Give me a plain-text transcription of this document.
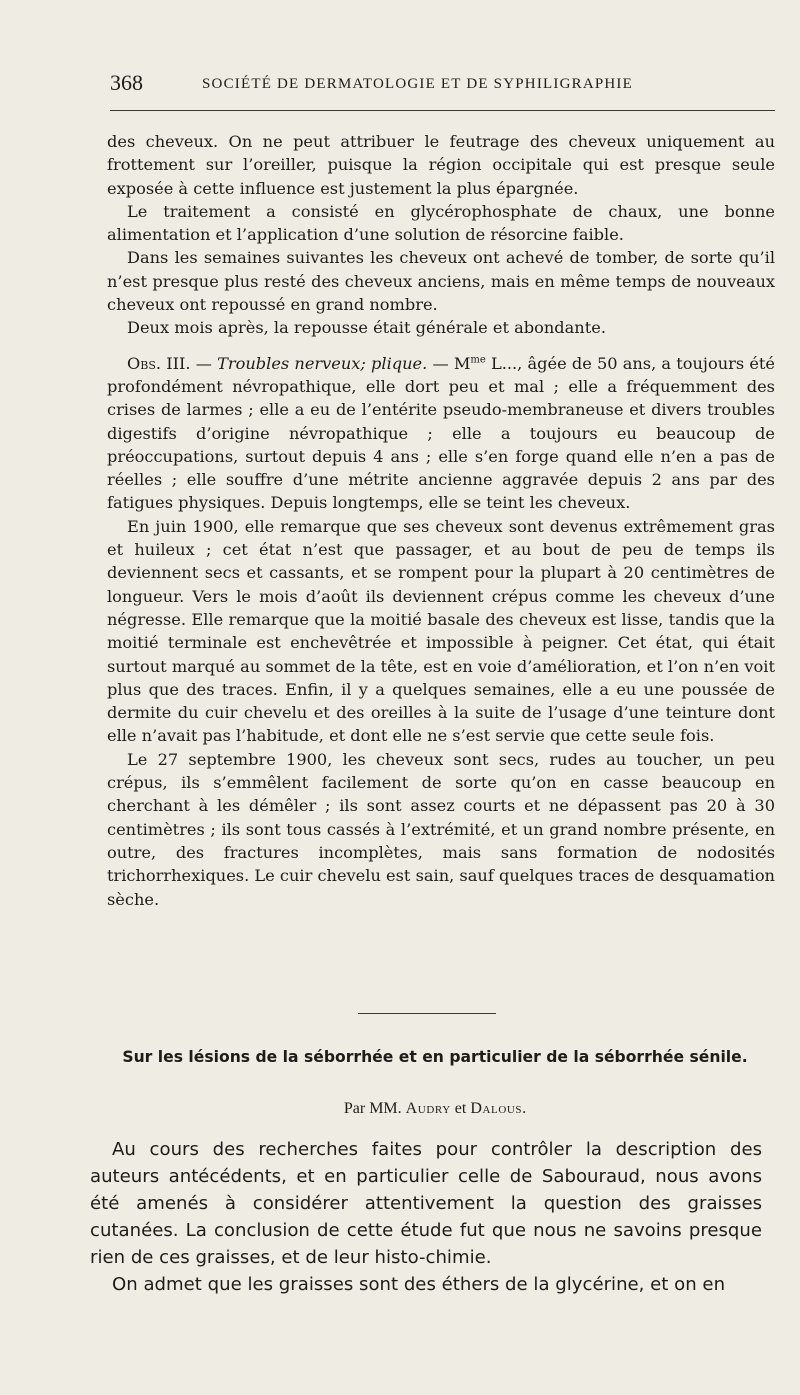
368	SOCIÉTÉ DE DERMATOLOGIE ET DE SYPHILIGRAPHIE

des cheveux. On ne peut attribuer le feutrage des cheveux uniquement au frottement sur l’oreiller, puisque la région occipitale qui est presque seule exposée à cette influence est justement la plus épargnée.

Le traitement a consisté en glycérophosphate de chaux, une bonne alimentation et l’application d’une solution de résorcine faible.

Dans les semaines suivantes les cheveux ont achevé de tomber, de sorte qu’il n’est presque plus resté des cheveux anciens, mais en même temps de nouveaux cheveux ont repoussé en grand nombre.

Deux mois après, la repousse était générale et abondante.

Obs. III. — Troubles nerveux; plique. — $M^{me}$ L..., âgée de 50 ans, a toujours été profondément névropathique, elle dort peu et mal ; elle a fréquemment des crises de larmes ; elle a eu de l’entérite pseudo-membraneuse et divers troubles digestifs d’origine névropathique ; elle a toujours eu beaucoup de préoccupations, surtout depuis 4 ans ; elle s’en forge quand elle n’en a pas de réelles ; elle souffre d’une métrite ancienne aggravée depuis 2 ans par des fatigues physiques. Depuis longtemps, elle se teint les cheveux.

En juin 1900, elle remarque que ses cheveux sont devenus extrêmement gras et huileux ; cet état n’est que passager, et au bout de peu de temps ils deviennent secs et cassants, et se rompent pour la plupart à 20 centimètres de longueur. Vers le mois d’août ils deviennent crépus comme les cheveux d’une négresse. Elle remarque que la moitié basale des cheveux est lisse, tandis que la moitié terminale est enchevêtrée et impossible à peigner. Cet état, qui était surtout marqué au sommet de la tête, est en voie d’amélioration, et l’on n’en voit plus que des traces. Enfin, il y a quelques semaines, elle a eu une poussée de dermite du cuir chevelu et des oreilles à la suite de l’usage d’une teinture dont elle n’avait pas l’habitude, et dont elle ne s’est servie que cette seule fois.

Le 27 septembre 1900, les cheveux sont secs, rudes au toucher, un peu crépus, ils s’emmêlent facilement de sorte qu’on en casse beaucoup en cherchant à les démêler ; ils sont assez courts et ne dépassent pas 20 à 30 centimètres ; ils sont tous cassés à l’extrémité, et un grand nombre présente, en outre, des fractures incomplètes, mais sans formation de nodosités trichorrhexiques. Le cuir chevelu est sain, sauf quelques traces de desquamation sèche.

Sur les lésions de la séborrhée et en particulier de la séborrhée sénile.
Par MM. Audry et Dalous.

Au cours des recherches faites pour contrôler la description des auteurs antécédents, et en particulier celle de Sabouraud, nous avons été amenés à considérer attentivement la question des graisses cutanées. La conclusion de cette étude fut que nous ne savoins presque rien de ces graisses, et de leur histo-chimie.

On admet que les graisses sont des éthers de la glycérine, et on en
